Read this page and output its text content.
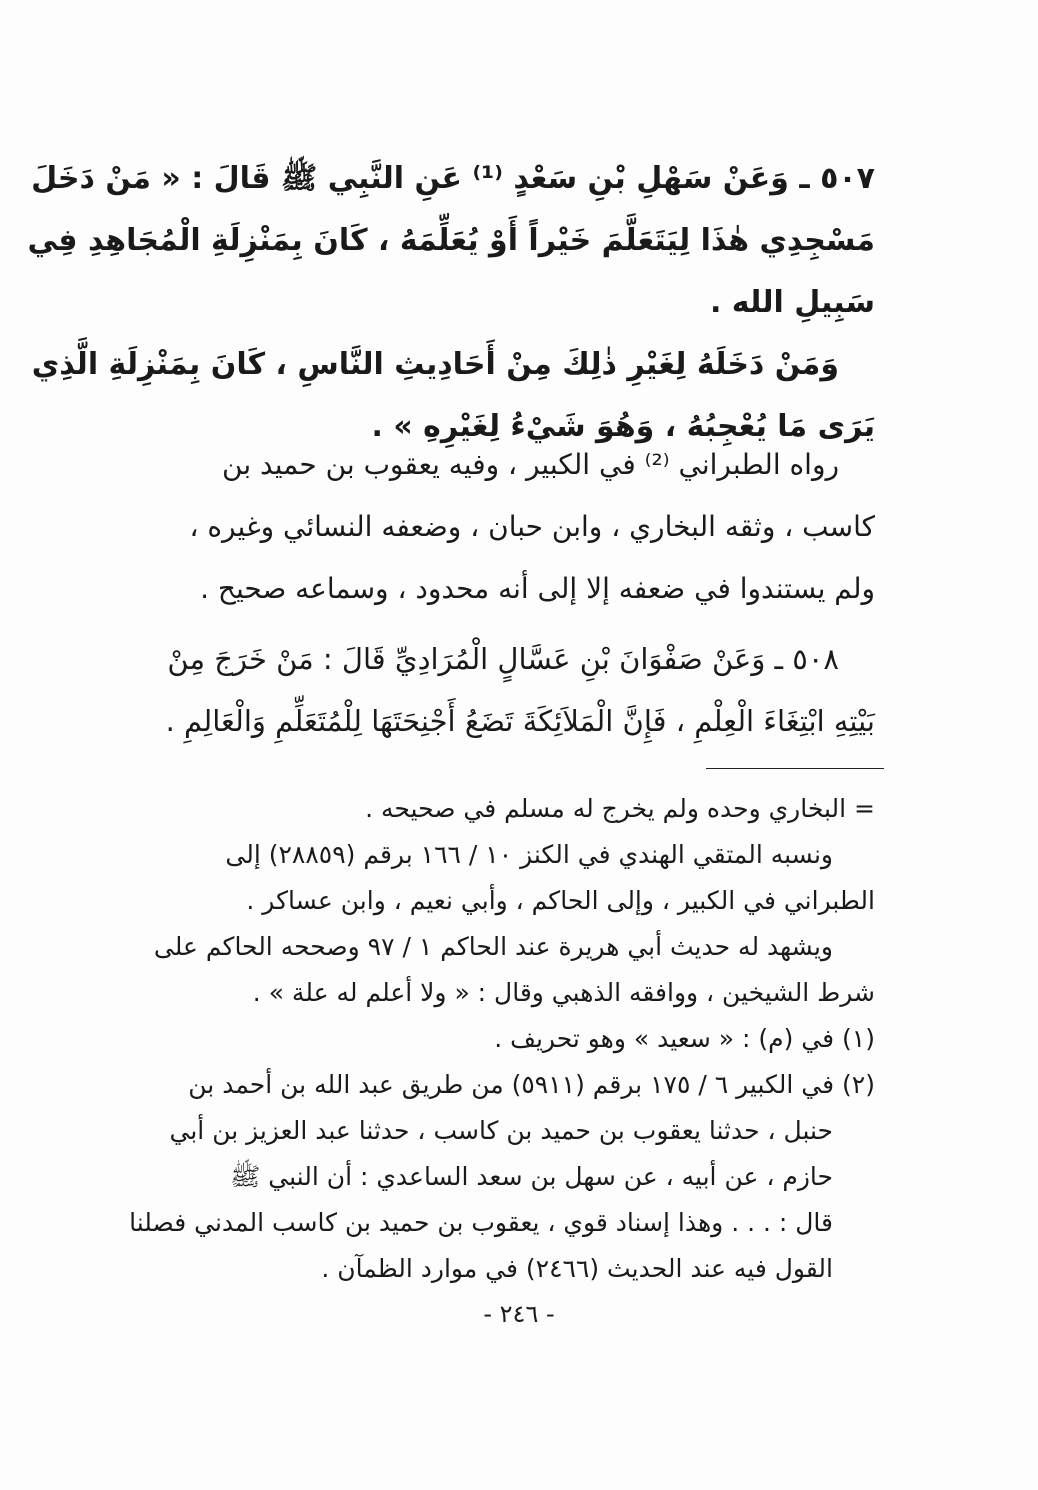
٥٠٧ ـ وَعَنْ سَهْلِ بْنِ سَعْدٍ ⁽¹⁾ عَنِ النَّبِي ﷺ قَالَ : « مَنْ دَخَلَ
مَسْجِدِي هٰذَا لِيَتَعَلَّمَ خَيْراً أَوْ يُعَلِّمَهُ ، كَانَ بِمَنْزِلَةِ الْمُجَاهِدِ فِي
سَبِيلِ الله .
وَمَنْ دَخَلَهُ لِغَيْرِ ذٰلِكَ مِنْ أَحَادِيثِ النَّاسِ ، كَانَ بِمَنْزِلَةِ الَّذِي
يَرَى مَا يُعْجِبُهُ ، وَهُوَ شَيْءُ لِغَيْرِهِ » .
رواه الطبراني ⁽²⁾ في الكبير ، وفيه يعقوب بن حميد بن
كاسب ، وثقه البخاري ، وابن حبان ، وضعفه النسائي وغيره ،
ولم يستندوا في ضعفه إلا إلى أنه محدود ، وسماعه صحيح .
٥٠٨ ـ وَعَنْ صَفْوَانَ بْنِ عَسَّالٍ الْمُرَادِيِّ قَالَ : مَنْ خَرَجَ مِنْ
بَيْتِهِ ابْتِغَاءَ الْعِلْمِ ، فَإِنَّ الْمَلاَئِكَةَ تَضَعُ أَجْنِحَتَهَا لِلْمُتَعَلِّمِ وَالْعَالِمِ .
= البخاري وحده ولم يخرج له مسلم في صحيحه .
ونسبه المتقي الهندي في الكنز ١٠ / ١٦٦ برقم (٢٨٨٥٩) إلى
الطبراني في الكبير ، وإلى الحاكم ، وأبي نعيم ، وابن عساكر .
ويشهد له حديث أبي هريرة عند الحاكم ١ / ٩٧ وصححه الحاكم على
شرط الشيخين ، ووافقه الذهبي وقال : « ولا أعلم له علة » .
(١) في (م) : « سعيد » وهو تحريف .
(٢) في الكبير ٦ / ١٧٥ برقم (٥٩١١) من طريق عبد الله بن أحمد بن
حنبل ، حدثنا يعقوب بن حميد بن كاسب ، حدثنا عبد العزيز بن أبي
حازم ، عن أبيه ، عن سهل بن سعد الساعدي : أن النبي ﷺ
قال : . . . وهذا إسناد قوي ، يعقوب بن حميد بن كاسب المدني فصلنا
القول فيه عند الحديث (٢٤٦٦) في موارد الظمآن .
- ٢٤٦ -
